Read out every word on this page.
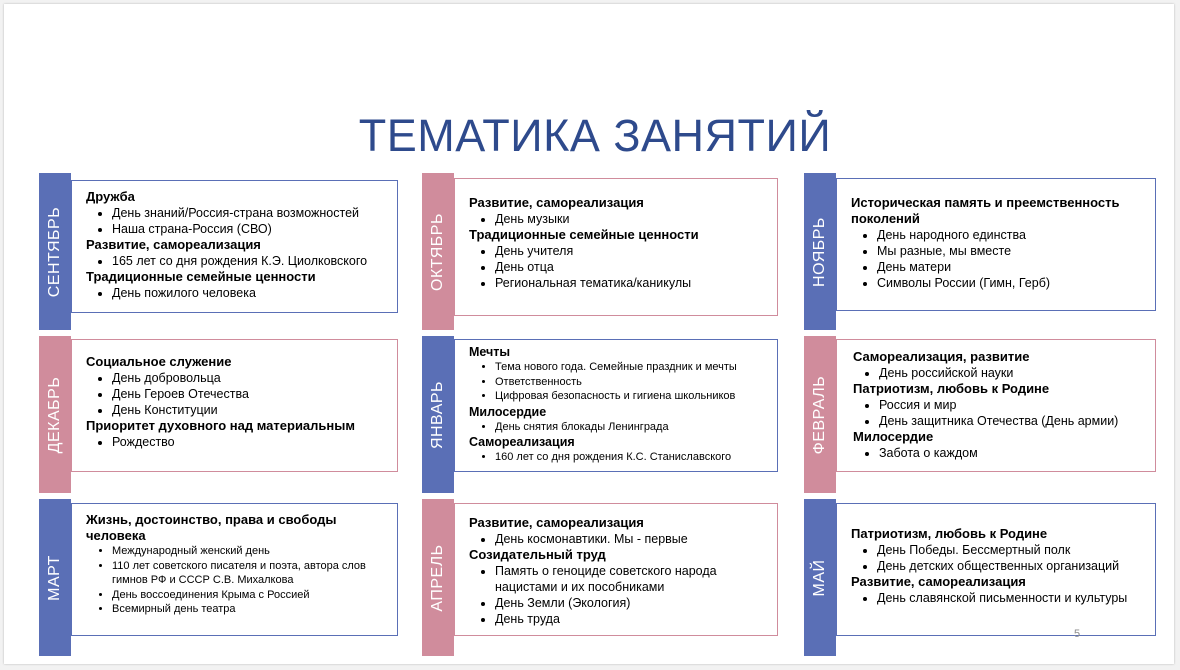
ТЕМАТИКА ЗАНЯТИЙ
СЕНТЯБРЬ
Дружба
• День знаний/Россия-страна возможностей
• Наша страна-Россия (СВО)
Развитие, самореализация
• 165 лет со дня рождения К.Э. Циолковского
Традиционные семейные ценности
• День пожилого человека
ОКТЯБРЬ
Развитие, самореализация
• День музыки
Традиционные семейные ценности
• День учителя
• День отца
• Региональная тематика/каникулы	НОЯБРЬ
Историческая память и преемственность поколений
• День народного единства
• Мы разные, мы вместе
• День матери
• Символы России (Гимн, Герб)
ДЕКАБРЬ
Социальное служение
• День добровольца
• День Героев Отечества
• День Конституции
Приоритет духовного над материальным
• Рождество	ЯНВАРЬ
Мечты
• Тема нового года. Семейные праздник и мечты
• Ответственность
• Цифровая безопасность и гигиена школьников
Милосердие
• День снятия блокады Ленинграда
Самореализация
• 160 лет со дня рождения К.С. Станиславского
ФЕВРАЛЬ
Самореализация, развитие
• День российской науки
Патриотизм, любовь к Родине
• Россия и мир
• День защитника Отечества (День армии)
Милосердие
• Забота о каждом
МАРТ
Жизнь, достоинство, права и свободы человека
• Международный женский день
• 110 лет советского писателя и поэта, автора слов гимнов РФ и СССР С.В. Михалкова
• День воссоединения Крыма с Россией
• Всемирный день театра	АПРЕЛЬ
Развитие, самореализация
• День космонавтики. Мы - первые
Созидательный труд
• Память о геноциде советского народа нацистами и их пособниками
• День Земли (Экология)
• День труда
МАЙ
Патриотизм, любовь к Родине
• День Победы. Бессмертный полк
• День детских общественных организаций
Развитие, самореализация
• День славянской письменности и культуры
5
